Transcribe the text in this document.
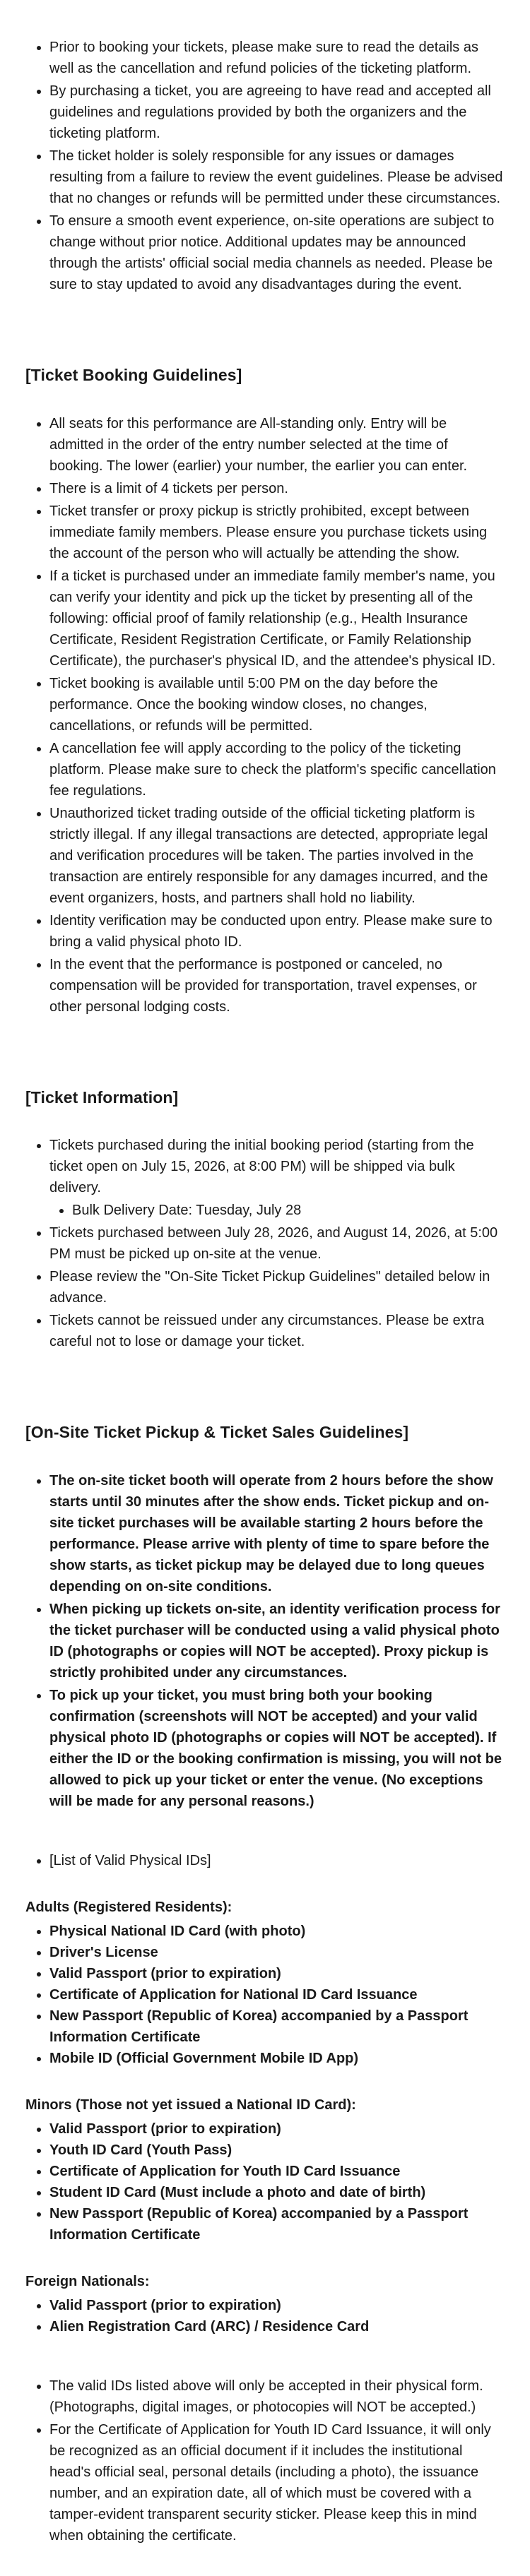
• Prior to booking your tickets, please make sure to read the details as well as the cancellation and refund policies of the ticketing platform.
• By purchasing a ticket, you are agreeing to have read and accepted all guidelines and regulations provided by both the organizers and the ticketing platform.
• The ticket holder is solely responsible for any issues or damages resulting from a failure to review the event guidelines. Please be advised that no changes or refunds will be permitted under these circumstances.
• To ensure a smooth event experience, on-site operations are subject to change without prior notice. Additional updates may be announced through the artists' official social media channels as needed. Please be sure to stay updated to avoid any disadvantages during the event.
[Ticket Booking Guidelines]
• All seats for this performance are All-standing only. Entry will be admitted in the order of the entry number selected at the time of booking. The lower (earlier) your number, the earlier you can enter.
• There is a limit of 4 tickets per person.
• Ticket transfer or proxy pickup is strictly prohibited, except between immediate family members. Please ensure you purchase tickets using the account of the person who will actually be attending the show.
• If a ticket is purchased under an immediate family member's name, you can verify your identity and pick up the ticket by presenting all of the following: official proof of family relationship (e.g., Health Insurance Certificate, Resident Registration Certificate, or Family Relationship Certificate), the purchaser's physical ID, and the attendee's physical ID.
• Ticket booking is available until 5:00 PM on the day before the performance. Once the booking window closes, no changes, cancellations, or refunds will be permitted.
• A cancellation fee will apply according to the policy of the ticketing platform. Please make sure to check the platform's specific cancellation fee regulations.
• Unauthorized ticket trading outside of the official ticketing platform is strictly illegal. If any illegal transactions are detected, appropriate legal and verification procedures will be taken. The parties involved in the transaction are entirely responsible for any damages incurred, and the event organizers, hosts, and partners shall hold no liability.
• Identity verification may be conducted upon entry. Please make sure to bring a valid physical photo ID.
• In the event that the performance is postponed or canceled, no compensation will be provided for transportation, travel expenses, or other personal lodging costs.
[Ticket Information]
• Tickets purchased during the initial booking period (starting from the ticket open on July 15, 2026, at 8:00 PM) will be shipped via bulk delivery.
• Bulk Delivery Date: Tuesday, July 28
• Tickets purchased between July 28, 2026, and August 14, 2026, at 5:00 PM must be picked up on-site at the venue.
• Please review the "On-Site Ticket Pickup Guidelines" detailed below in advance.
• Tickets cannot be reissued under any circumstances. Please be extra careful not to lose or damage your ticket.
[On-Site Ticket Pickup & Ticket Sales Guidelines]
• The on-site ticket booth will operate from 2 hours before the show starts until 30 minutes after the show ends. Ticket pickup and on-site ticket purchases will be available starting 2 hours before the performance. Please arrive with plenty of time to spare before the show starts, as ticket pickup may be delayed due to long queues depending on on-site conditions.
• When picking up tickets on-site, an identity verification process for the ticket purchaser will be conducted using a valid physical photo ID (photographs or copies will NOT be accepted). Proxy pickup is strictly prohibited under any circumstances.
• To pick up your ticket, you must bring both your booking confirmation (screenshots will NOT be accepted) and your valid physical photo ID (photographs or copies will NOT be accepted). If either the ID or the booking confirmation is missing, you will not be allowed to pick up your ticket or enter the venue. (No exceptions will be made for any personal reasons.)
• [List of Valid Physical IDs]
Adults (Registered Residents):
• Physical National ID Card (with photo)
• Driver's License
• Valid Passport (prior to expiration)
• Certificate of Application for National ID Card Issuance
• New Passport (Republic of Korea) accompanied by a Passport Information Certificate
• Mobile ID (Official Government Mobile ID App)
Minors (Those not yet issued a National ID Card):
• Valid Passport (prior to expiration)
• Youth ID Card (Youth Pass)
• Certificate of Application for Youth ID Card Issuance
• Student ID Card (Must include a photo and date of birth)
• New Passport (Republic of Korea) accompanied by a Passport Information Certificate
Foreign Nationals:
• Valid Passport (prior to expiration)
• Alien Registration Card (ARC) / Residence Card
• The valid IDs listed above will only be accepted in their physical form. (Photographs, digital images, or photocopies will NOT be accepted.)
• For the Certificate of Application for Youth ID Card Issuance, it will only be recognized as an official document if it includes the institutional head's official seal, personal details (including a photo), the issuance number, and an expiration date, all of which must be covered with a tamper-evident transparent security sticker. Please keep this in mind when obtaining the certificate.
